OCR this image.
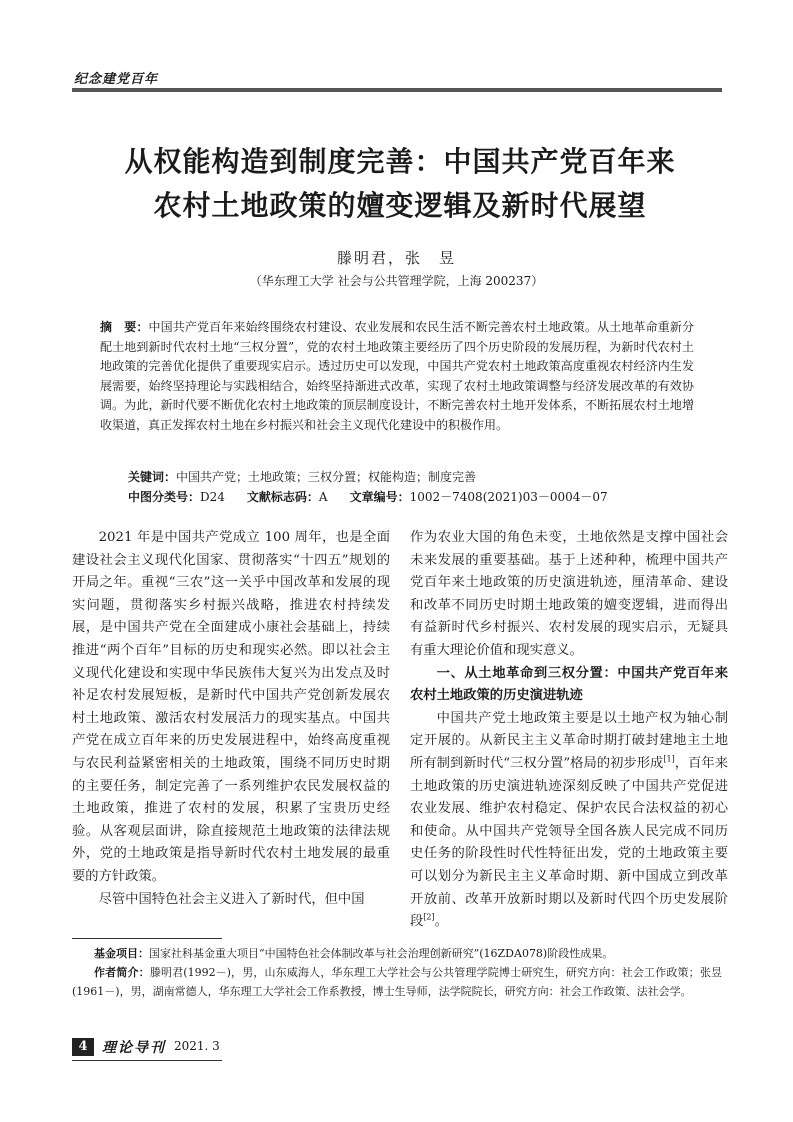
纪念建党百年
从权能构造到制度完善：中国共产党百年来
农村土地政策的嬗变逻辑及新时代展望
滕明君，张　昱
（华东理工大学 社会与公共管理学院，上海 200237）
摘　要：中国共产党百年来始终围绕农村建设、农业发展和农民生活不断完善农村土地政策。从土地革命重新分配土地到新时代农村土地“三权分置”，党的农村土地政策主要经历了四个历史阶段的发展历程，为新时代农村土地政策的完善优化提供了重要现实启示。透过历史可以发现，中国共产党农村土地政策高度重视农村经济内生发展需要，始终坚持理论与实践相结合，始终坚持渐进式改革，实现了农村土地政策调整与经济发展改革的有效协调。为此，新时代要不断优化农村土地政策的顶层制度设计，不断完善农村土地开发体系，不断拓展农村土地增收渠道，真正发挥农村土地在乡村振兴和社会主义现代化建设中的积极作用。
关键词：中国共产党；土地政策；三权分置；权能构造；制度完善
中图分类号：D24 文献标志码：A 文章编号：1002－7408(2021)03－0004－07

2021 年是中国共产党成立 100 周年，也是全面建设社会主义现代化国家、贯彻落实“十四五”规划的开局之年。重视“三农”这一关乎中国改革和发展的现实问题，贯彻落实乡村振兴战略，推进农村持续发展，是中国共产党在全面建成小康社会基础上，持续推进“两个百年”目标的历史和现实必然。即以社会主义现代化建设和实现中华民族伟大复兴为出发点及时补足农村发展短板，是新时代中国共产党创新发展农村土地政策、激活农村发展活力的现实基点。中国共产党在成立百年来的历史发展进程中，始终高度重视与农民利益紧密相关的土地政策，围绕不同历史时期的主要任务，制定完善了一系列维护农民发展权益的土地政策，推进了农村的发展，积累了宝贵历史经验。从客观层面讲，除直接规范土地政策的法律法规外，党的土地政策是指导新时代农村土地发展的最重要的方针政策。

尽管中国特色社会主义进入了新时代，但中国

作为农业大国的角色未变，土地依然是支撑中国社会未来发展的重要基础。基于上述种种，梳理中国共产党百年来土地政策的历史演进轨迹，厘清革命、建设和改革不同历史时期土地政策的嬗变逻辑，进而得出有益新时代乡村振兴、农村发展的现实启示，无疑具有重大理论价值和现实意义。

一、从土地革命到三权分置：中国共产党百年来农村土地政策的历史演进轨迹

中国共产党土地政策主要是以土地产权为轴心制定开展的。从新民主主义革命时期打破封建地主土地所有制到新时代“三权分置”格局的初步形成[1]，百年来土地政策的历史演进轨迹深刻反映了中国共产党促进农业发展、维护农村稳定、保护农民合法权益的初心和使命。从中国共产党领导全国各族人民完成不同历史任务的阶段性时代性特征出发，党的土地政策主要可以划分为新民主主义革命时期、新中国成立到改革开放前、改革开放新时期以及新时代四个历史发展阶段[2]。

基金项目：国家社科基金重大项目“中国特色社会体制改革与社会治理创新研究”(16ZDA078)阶段性成果。

作者简介：滕明君(1992－)，男，山东威海人，华东理工大学社会与公共管理学院博士研究生，研究方向：社会工作政策；张昱(1961－)，男，湖南常德人，华东理工大学社会工作系教授，博士生导师，法学院院长，研究方向：社会工作政策、法社会学。

4	理论导刊 2021. 3
